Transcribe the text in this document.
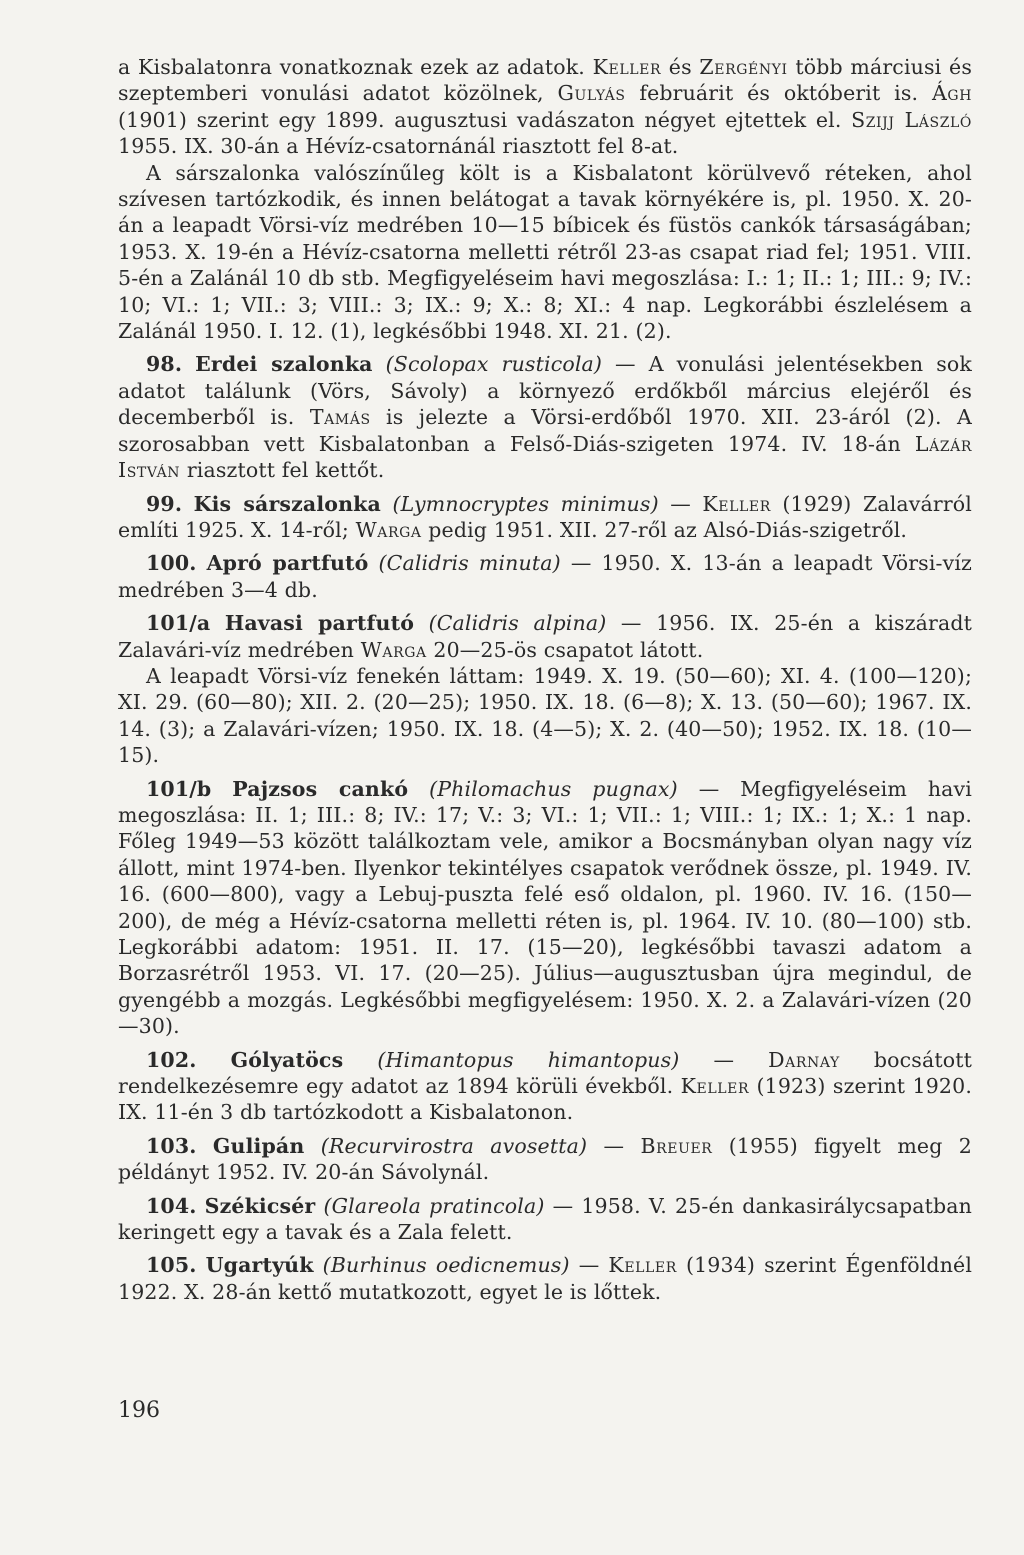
a Kisbalatonra vonatkoznak ezek az adatok. Keller és Zergényi több márciusi és szeptemberi vonulási adatot közölnek, Gulyás februárit és októberit is. Ágh (1901) szerint egy 1899. augusztusi vadászaton négyet ejtettek el. Szijj László 1955. IX. 30-án a Hévíz-csatornánál riasztott fel 8-at.

A sárszalonka valószínűleg költ is a Kisbalatont körülvevő réteken, ahol szívesen tartózkodik, és innen belátogat a tavak környékére is, pl. 1950. X. 20-án a leapadt Vörsi-víz medrében 10—15 bíbicek és füstös cankók társaságában; 1953. X. 19-én a Hévíz-csatorna melletti rétről 23-as csapat riad fel; 1951. VIII. 5-én a Zalánál 10 db stb. Megfigyeléseim havi megoszlása: I.: 1; II.: 1; III.: 9; IV.: 10; VI.: 1; VII.: 3; VIII.: 3; IX.: 9; X.: 8; XI.: 4 nap. Legkorábbi észlelésem a Zalánál 1950. I. 12. (1), legkésőbbi 1948. XI. 21. (2).

98. Erdei szalonka (Scolopax rusticola) — A vonulási jelentésekben sok adatot találunk (Vörs, Sávoly) a környező erdőkből március elejéről és decemberből is. Tamás is jelezte a Vörsi-erdőből 1970. XII. 23-áról (2). A szorosabban vett Kisbalatonban a Felső-Diás-szigeten 1974. IV. 18-án Lázár István riasztott fel kettőt.

99. Kis sárszalonka (Lymnocryptes minimus) — Keller (1929) Zalavárról említi 1925. X. 14-ről; Warga pedig 1951. XII. 27-ről az Alsó-Diás-szigetről.

100. Apró partfutó (Calidris minuta) — 1950. X. 13-án a leapadt Vörsi-víz medrében 3—4 db.

101/a Havasi partfutó (Calidris alpina) — 1956. IX. 25-én a kiszáradt Zalavári-víz medrében Warga 20—25-ös csapatot látott.

A leapadt Vörsi-víz fenekén láttam: 1949. X. 19. (50—60); XI. 4. (100—120); XI. 29. (60—80); XII. 2. (20—25); 1950. IX. 18. (6—8); X. 13. (50—60); 1967. IX. 14. (3); a Zalavári-vízen; 1950. IX. 18. (4—5); X. 2. (40—50); 1952. IX. 18. (10—15).

101/b Pajzsos cankó (Philomachus pugnax) — Megfigyeléseim havi megoszlása: II. 1; III.: 8; IV.: 17; V.: 3; VI.: 1; VII.: 1; VIII.: 1; IX.: 1; X.: 1 nap. Főleg 1949—53 között találkoztam vele, amikor a Bocsmányban olyan nagy víz állott, mint 1974-ben. Ilyenkor tekintélyes csapatok verődnek össze, pl. 1949. IV. 16. (600—800), vagy a Lebuj-puszta felé eső oldalon, pl. 1960. IV. 16. (150—200), de még a Hévíz-csatorna melletti réten is, pl. 1964. IV. 10. (80—100) stb. Legkorábbi adatom: 1951. II. 17. (15—20), legkésőbbi tavaszi adatom a Borzasrétről 1953. VI. 17. (20—25). Július—augusztusban újra megindul, de gyengébb a mozgás. Legkésőbbi megfigyelésem: 1950. X. 2. a Zalavári-vízen (20—30).

102. Gólyatöcs (Himantopus himantopus) — Darnay bocsátott rendelkezésemre egy adatot az 1894 körüli évekből. Keller (1923) szerint 1920. IX. 11-én 3 db tartózkodott a Kisbalatonon.

103. Gulipán (Recurvirostra avosetta) — Breuer (1955) figyelt meg 2 példányt 1952. IV. 20-án Sávolynál.

104. Székicsér (Glareola pratincola) — 1958. V. 25-én dankasirálycsapatban keringett egy a tavak és a Zala felett.

105. Ugartyúk (Burhinus oedicnemus) — Keller (1934) szerint Égenföldnél 1922. X. 28-án kettő mutatkozott, egyet le is lőttek.

196
